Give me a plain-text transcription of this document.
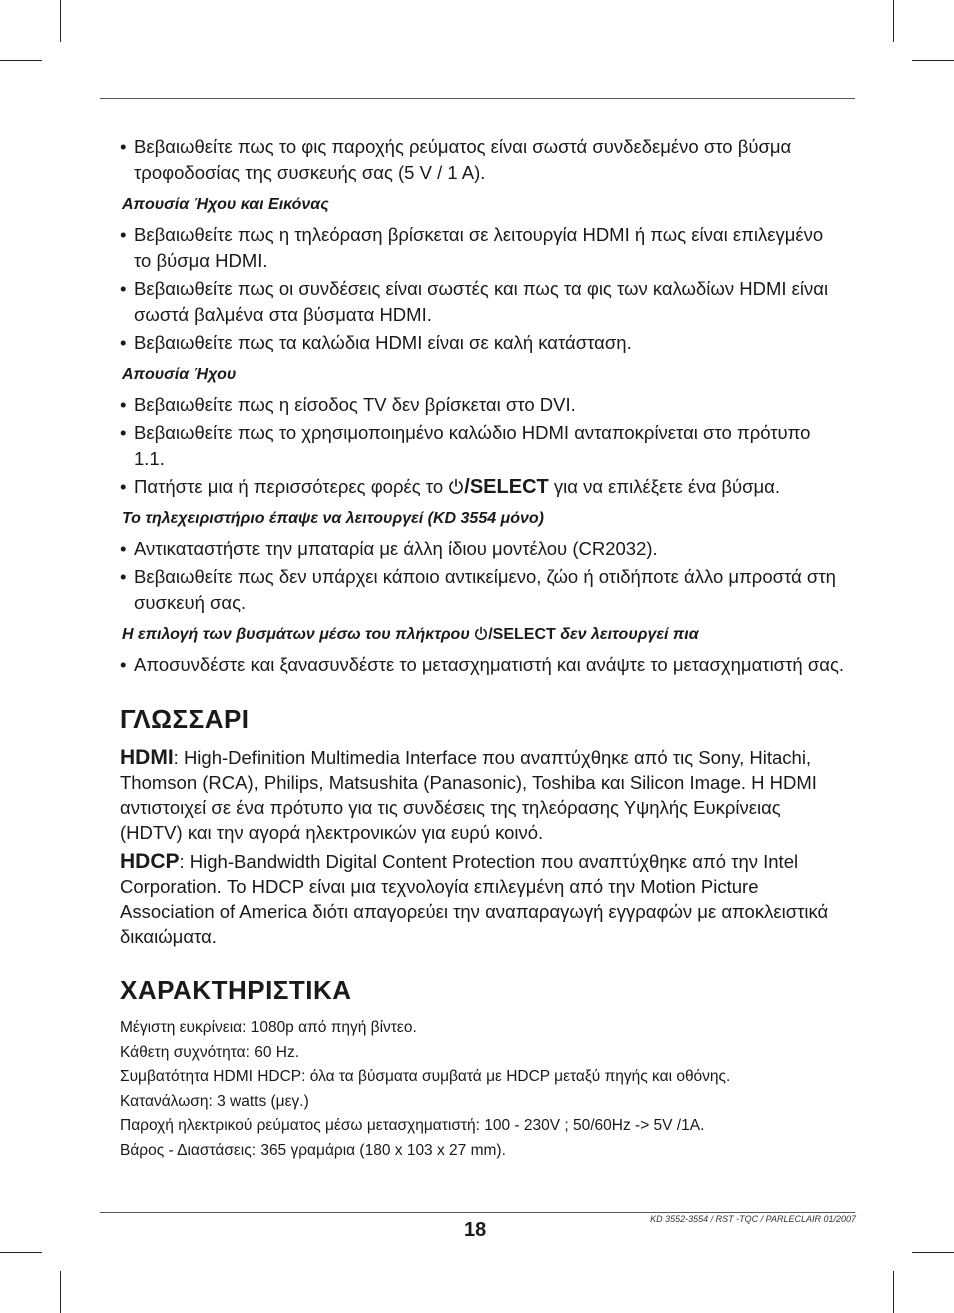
• Βεβαιωθείτε πως το φις παροχής ρεύματος είναι σωστά συνδεδεμένο στο βύσμα τροφοδοσίας της συσκευής σας (5 V / 1 A).
Απουσία Ήχου και Εικόνας
• Βεβαιωθείτε πως η τηλεόραση βρίσκεται σε λειτουργία HDMI ή πως είναι επιλεγμένο το βύσμα HDMI.
• Βεβαιωθείτε πως οι συνδέσεις είναι σωστές και πως τα φις των καλωδίων HDMI είναι σωστά βαλμένα στα βύσματα HDMI.
• Βεβαιωθείτε πως τα καλώδια HDMI είναι σε καλή κατάσταση.
Απουσία Ήχου
• Βεβαιωθείτε πως η είσοδος TV δεν βρίσκεται στο DVI.
• Βεβαιωθείτε πως το χρησιμοποιημένο καλώδιο HDMI ανταποκρίνεται στο πρότυπο 1.1.
• Πατήστε μια ή περισσότερες φορές το /SELECT για να επιλέξετε ένα βύσμα.
Το τηλεχειριστήριο έπαψε να λειτουργεί (KD 3554 μόνο)
• Αντικαταστήστε την μπαταρία με άλλη ίδιου μοντέλου (CR2032).
• Βεβαιωθείτε πως δεν υπάρχει κάποιο αντικείμενο, ζώο ή οτιδήποτε άλλο μπροστά στη συσκευή σας.
Η επιλογή των βυσμάτων μέσω του πλήκτρου /SELECT δεν λειτουργεί πια
• Αποσυνδέστε και ξανασυνδέστε το μετασχηματιστή και ανάψτε το μετασχηματιστή σας.
ΓΛΩΣΣΑΡΙ
HDMI: High-Definition Multimedia Interface που αναπτύχθηκε από τις Sony, Hitachi, Thomson (RCA), Philips, Matsushita (Panasonic), Toshiba και Silicon Image. Η HDMI αντιστοιχεί σε ένα πρότυπο για τις συνδέσεις της τηλεόρασης Υψηλής Ευκρίνειας (HDTV) και την αγορά ηλεκτρονικών για ευρύ κοινό.
HDCP: High-Bandwidth Digital Content Protection που αναπτύχθηκε από την Intel Corporation. Το HDCP είναι μια τεχνολογία επιλεγμένη από την Motion Picture Association of America διότι απαγορεύει την αναπαραγωγή εγγραφών με αποκλειστικά δικαιώματα.
ΧΑΡΑΚΤΗΡΙΣΤΙΚΑ
Μέγιστη ευκρίνεια: 1080p από πηγή βίντεο.
Κάθετη συχνότητα: 60 Hz.
Συμβατότητα HDMI HDCP: όλα τα βύσματα συμβατά με HDCP μεταξύ πηγής και οθόνης.
Κατανάλωση: 3 watts (μεγ.)
Παροχή ηλεκτρικού ρεύματος μέσω μετασχηματιστή: 100 - 230V ; 50/60Hz -> 5V /1A.
Βάρος - Διαστάσεις: 365 γραμάρια (180 x 103 x 27 mm).
18	KD 3552-3554 / RST -TQC / PARLECLAIR 01/2007
